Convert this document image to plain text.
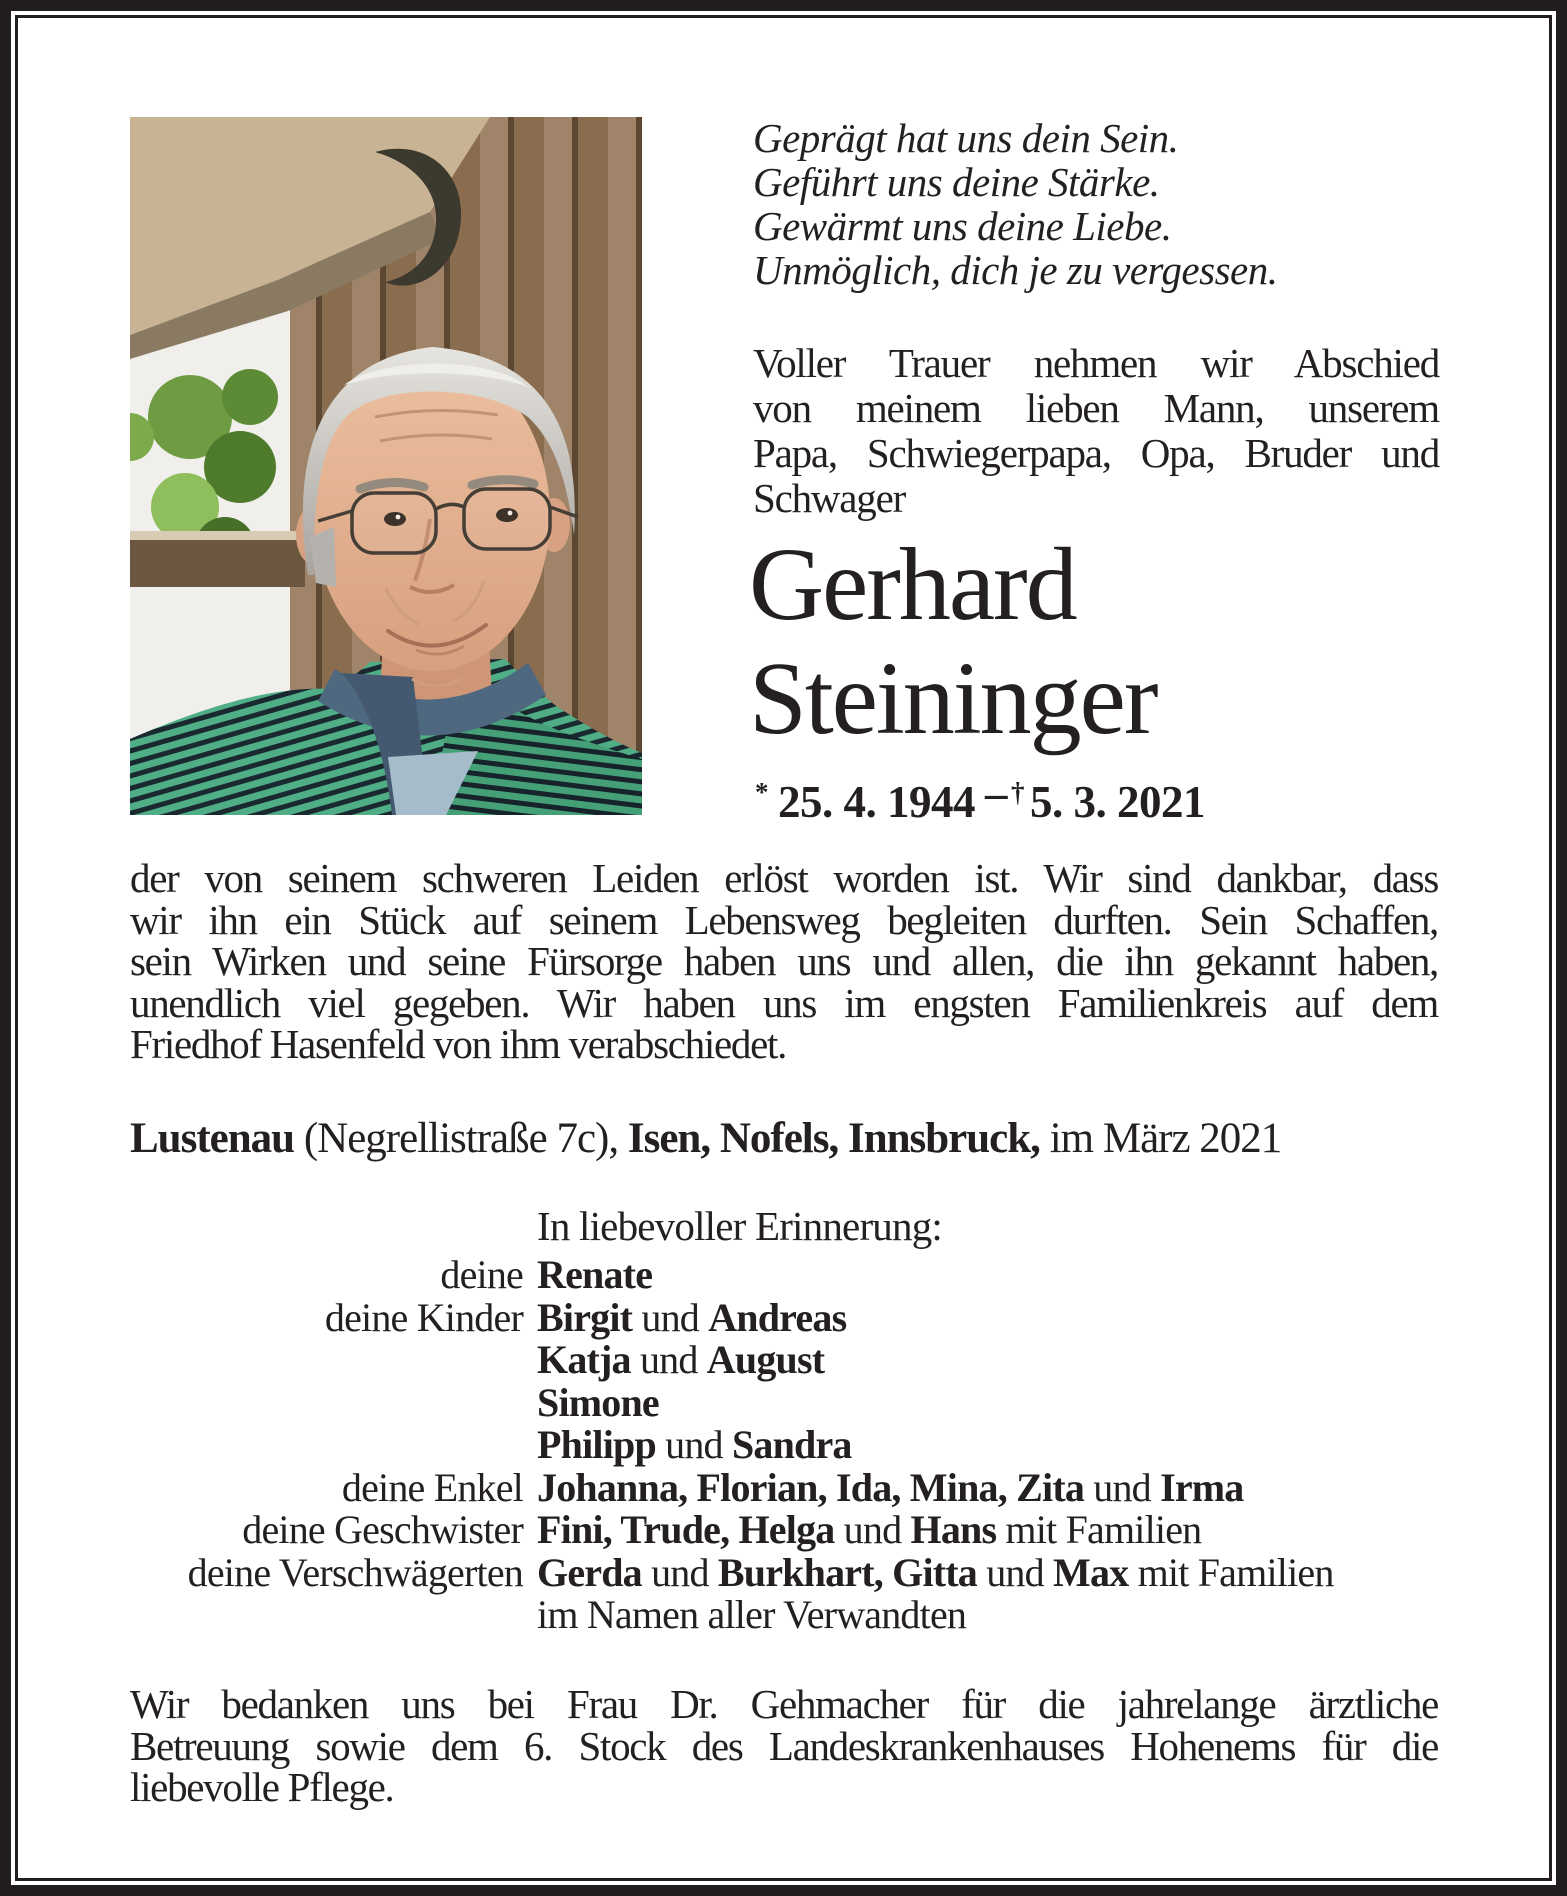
Geprägt hat uns dein Sein.
Geführt uns deine Stärke.
Gewärmt uns deine Liebe.
Unmöglich, dich je zu vergessen.
Voller Trauer nehmen wir Abschied
von meinem lieben Mann, unserem
Papa, Schwiegerpapa, Opa, Bruder und
Schwager
Gerhard
Steininger
* 25. 4. 1944 – † 5. 3. 2021
der von seinem schweren Leiden erlöst worden ist. Wir sind dankbar, dass
wir ihn ein Stück auf seinem Lebensweg begleiten durften. Sein Schaffen,
sein Wirken und seine Fürsorge haben uns und allen, die ihn gekannt haben,
unendlich viel gegeben. Wir haben uns im engsten Familienkreis auf dem
Friedhof Hasenfeld von ihm verabschiedet.
Lustenau (Negrellistraße 7c), Isen, Nofels, Innsbruck, im März 2021
In liebevoller Erinnerung:
deine Renate
deine Kinder Birgit und Andreas
Katja und August
Simone
Philipp und Sandra
deine Enkel Johanna, Florian, Ida, Mina, Zita und Irma
deine Geschwister Fini, Trude, Helga und Hans mit Familien
deine Verschwägerten Gerda und Burkhart, Gitta und Max mit Familien
im Namen aller Verwandten
Wir bedanken uns bei Frau Dr. Gehmacher für die jahrelange ärztliche
Betreuung sowie dem 6. Stock des Landeskrankenhauses Hohenems für die
liebevolle Pflege.
